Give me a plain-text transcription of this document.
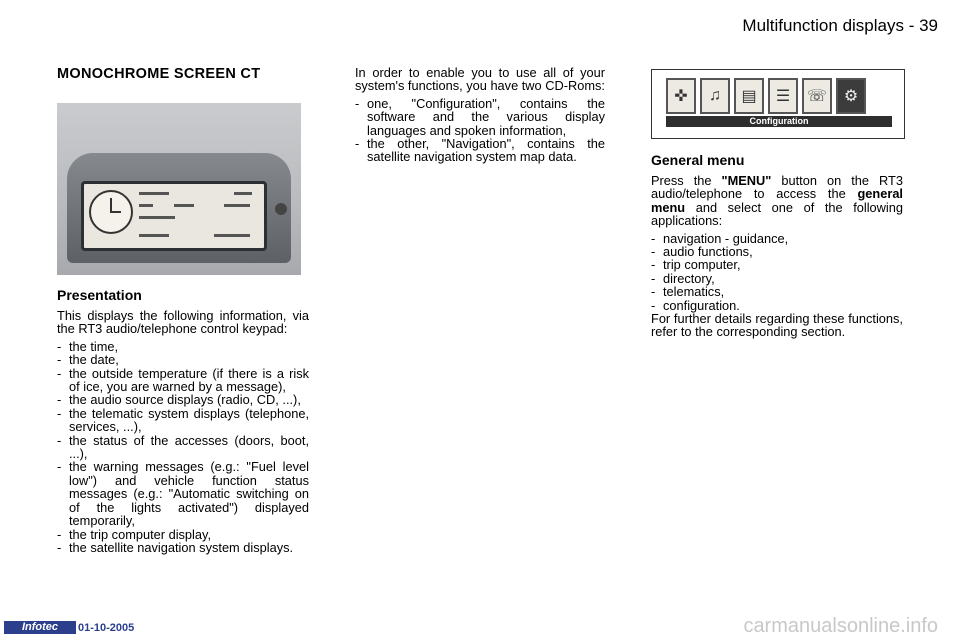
Multifunction displays - 39
MONOCHROME SCREEN CT
Presentation
This displays the following information, via the RT3 audio/telephone control keypad:
- the time,
- the date,
- the outside temperature (if there is a risk of ice, you are warned by a message),
- the audio source displays (radio, CD, ...),
- the telematic system displays (telephone, services, ...),
- the status of the accesses (doors, boot, ...),
- the warning messages (e.g.: "Fuel level low") and vehicle function status messages (e.g.: "Automatic switching on of the lights activated") displayed temporarily,
- the trip computer display,
- the satellite navigation system displays.
In order to enable you to use all of your system's functions, you have two CD-Roms:
- one, "Configuration", contains the software and the various display languages and spoken information,
- the other, "Navigation", contains the satellite navigation system map data.
✜	♫	▤	☰	☏	⚙
Configuration
General menu
Press the "MENU" button on the RT3 audio/telephone to access the general menu and select one of the following applications:
- navigation - guidance,
- audio functions,
- trip computer,
- directory,
- telematics,
- configuration.
For further details regarding these functions, refer to the corresponding section.
Infotec	01-10-2005	carmanualsonline.info
